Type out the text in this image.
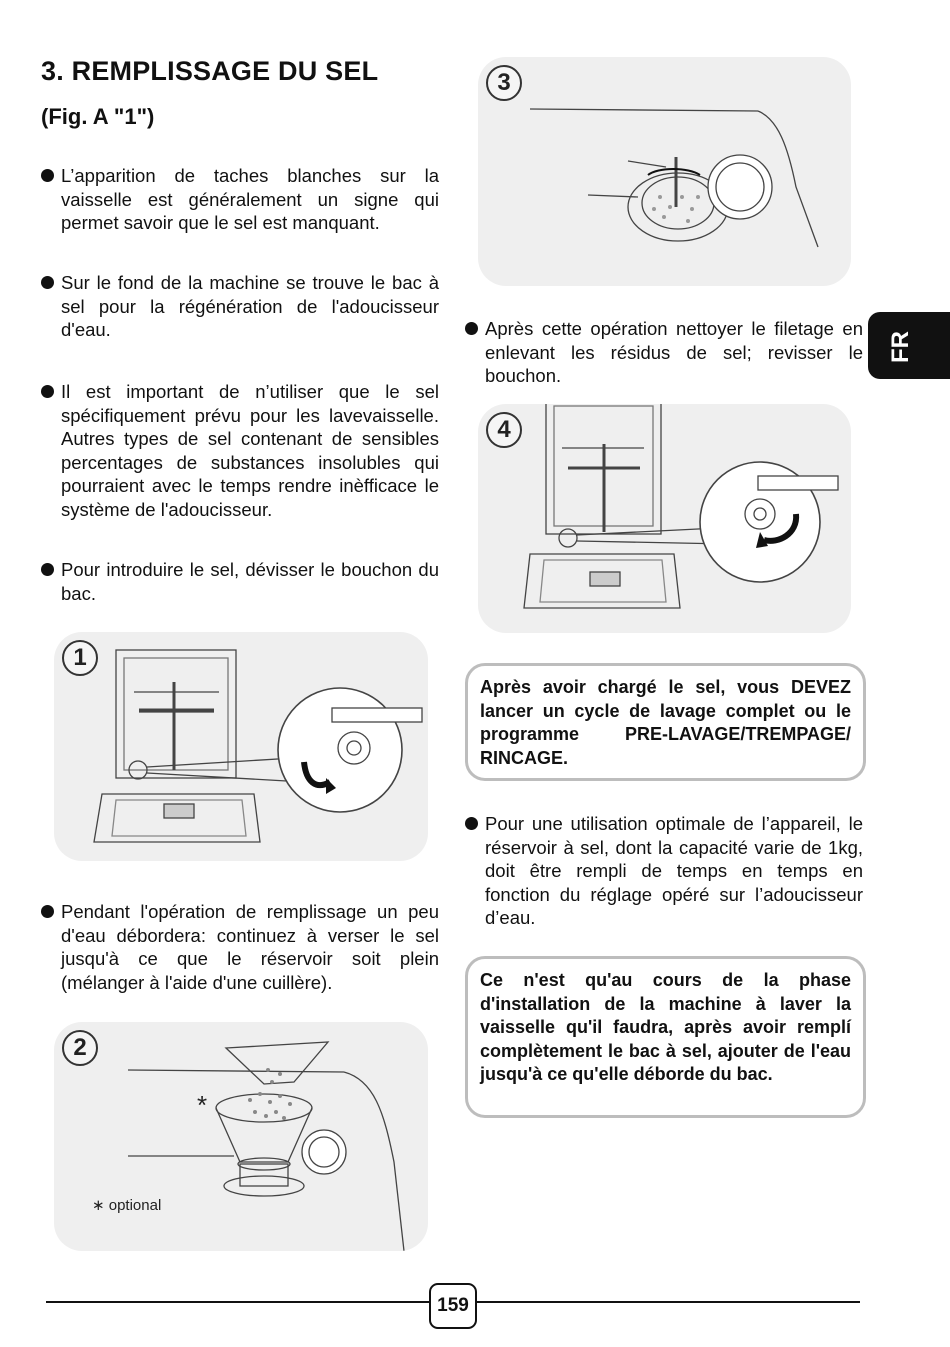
3. REMPLISSAGE DU SEL
(Fig. A "1")
L’apparition de taches blanches sur la vaisselle est généralement un signe qui permet savoir que le sel est manquant.
Sur le fond de la machine se trouve le bac à sel pour la régénération de l'adoucisseur d'eau.
Il est important de n’utiliser que le sel spécifiquement prévu pour les lavevaisselle. Autres types de sel contenant de sensibles percentages de substances insolubles qui pourraient avec le temps rendre inèfficace le système de l'adoucisseur.
Pour introduire le sel, dévisser le bouchon du bac.
1
Pendant l'opération de remplissage un peu d'eau débordera: continuez à verser le sel jusqu'à ce que le réservoir soit plein (mélanger à l'aide d'une cuillère).
2
*
∗ optional
3
Après cette opération nettoyer le filetage en enlevant les résidus de sel; revisser le bouchon.
4
Après avoir chargé le sel, vous DEVEZ lancer un cycle de lavage complet ou le programme PRE-LAVAGE/TREMPAGE/ RINCAGE.
Pour une utilisation optimale de l’appareil, le réservoir à sel, dont la capacité varie de 1kg, doit être rempli de temps en temps en fonction du réglage opéré sur l’adoucisseur d’eau.
Ce n'est qu'au cours de la phase d'installation de la machine à laver la vaisselle qu'il faudra, après avoir remplí complètement le bac à sel, ajouter de l'eau jusqu'à ce qu'elle déborde du bac.
FR
159
